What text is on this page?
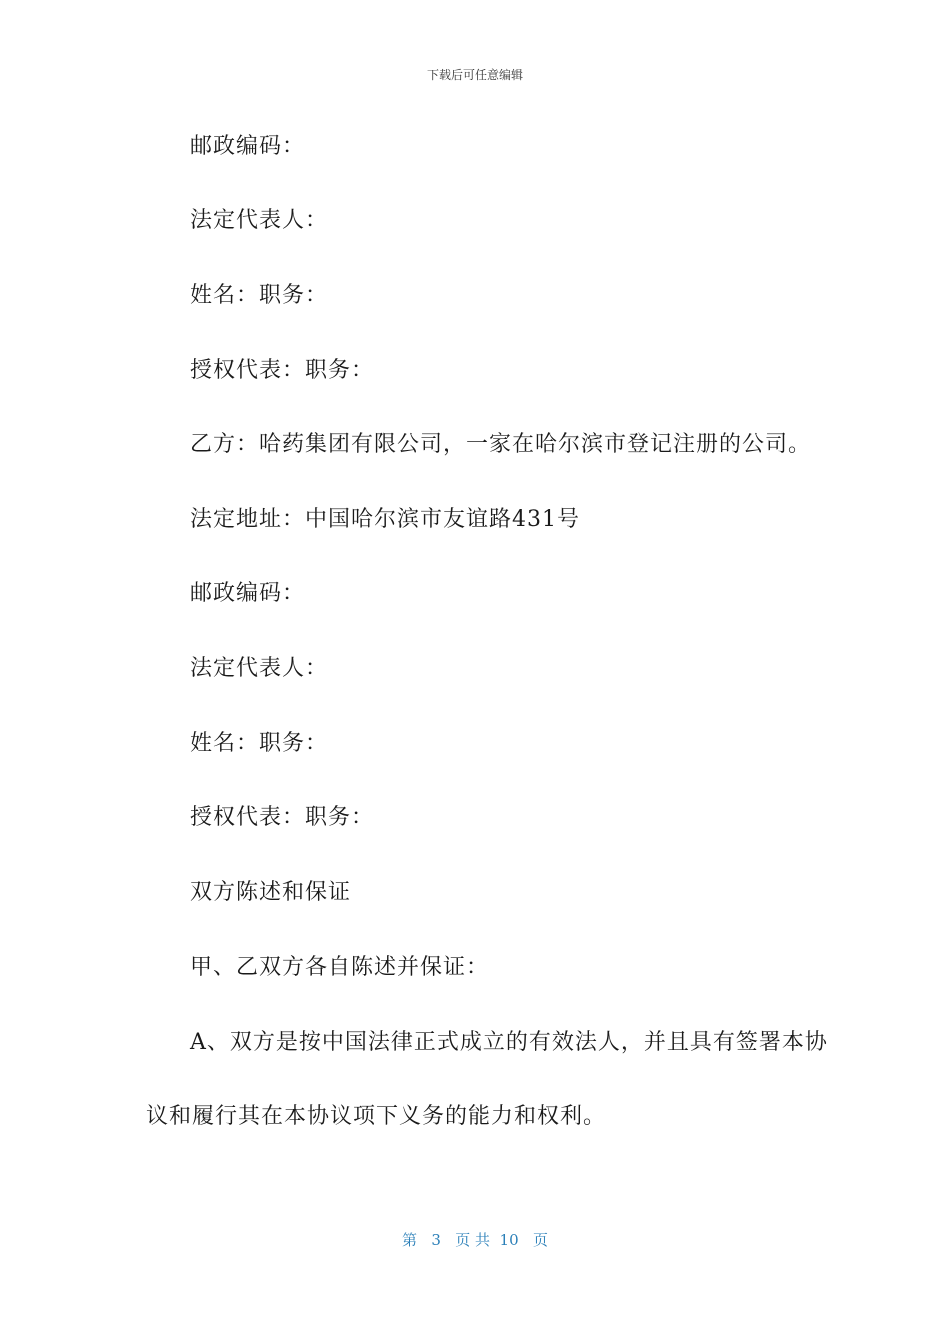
下载后可任意编辑
邮政编码：
法定代表人：
姓名：职务：
授权代表：职务：
乙方：哈药集团有限公司，一家在哈尔滨市登记注册的公司。
法定地址：中国哈尔滨市友谊路431号
邮政编码：
法定代表人：
姓名：职务：
授权代表：职务：
双方陈述和保证
甲、乙双方各自陈述并保证：
A、双方是按中国法律正式成立的有效法人，并且具有签署本协
议和履行其在本协议项下义务的能力和权利。
第 3 页 共 10 页
